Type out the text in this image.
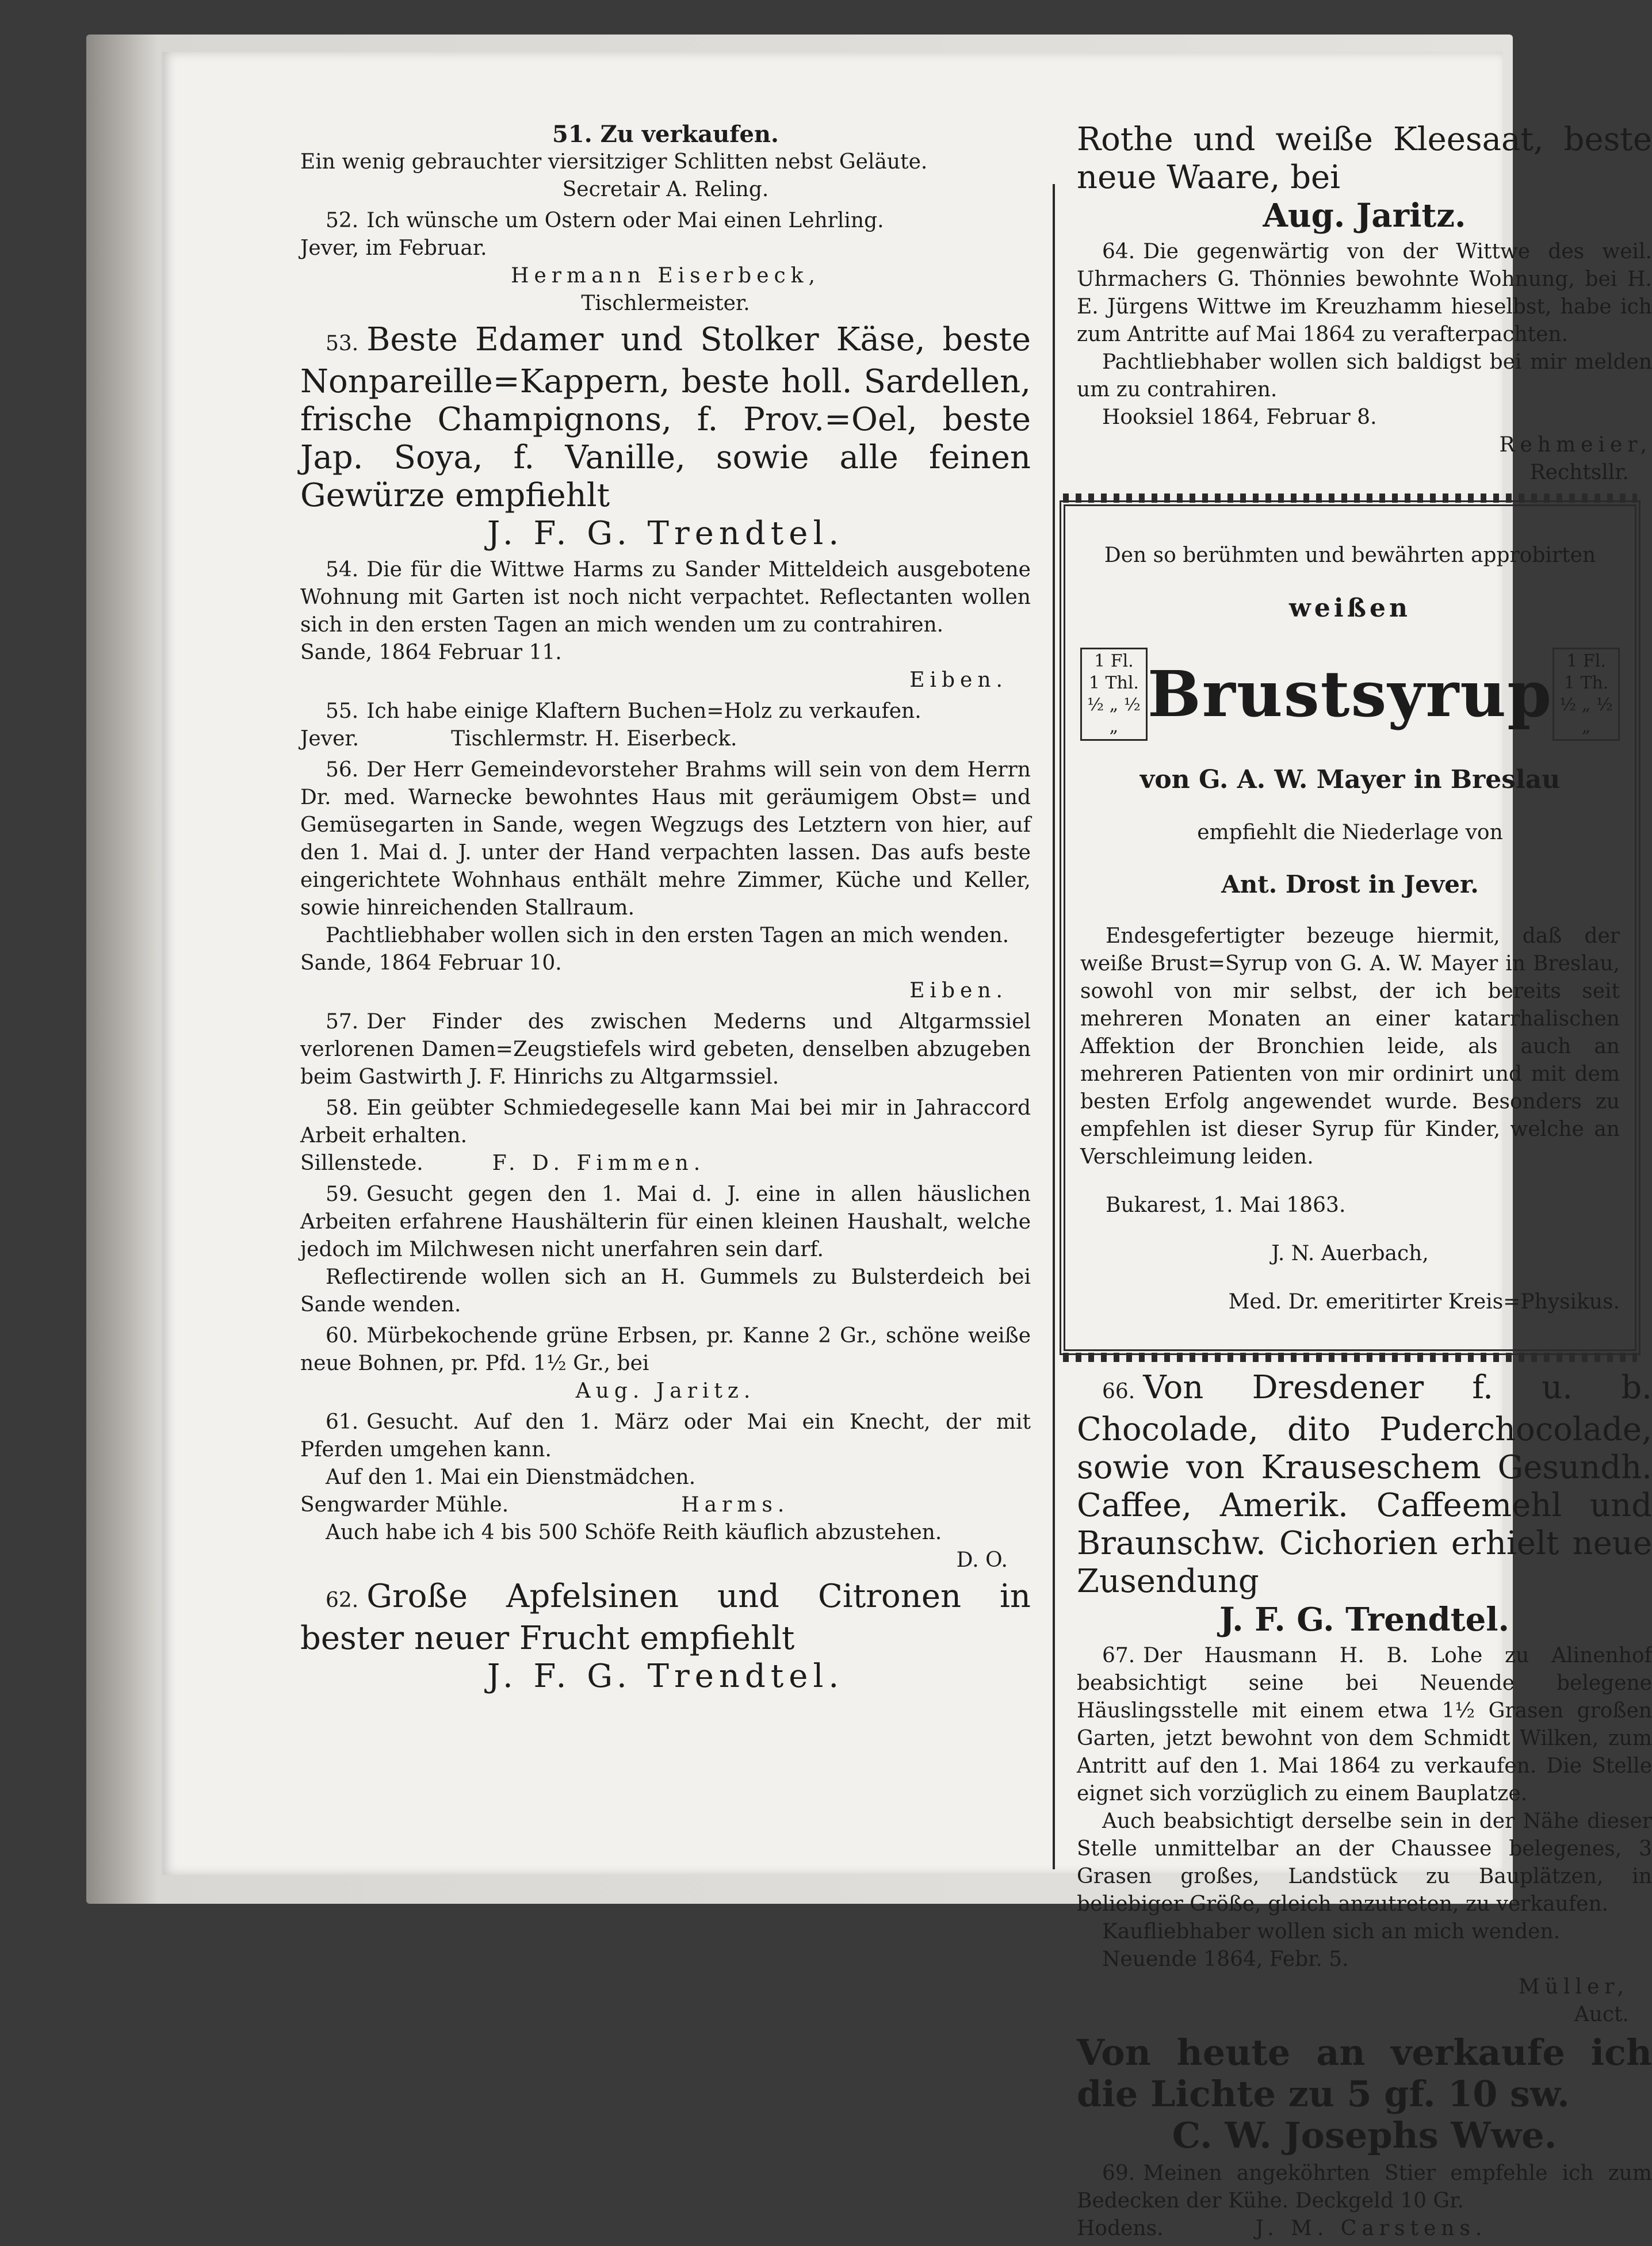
51. Zu verkaufen.

Ein wenig gebrauchter viersitziger Schlitten nebst Geläute.

Secretair A. Reling.

52. Ich wünsche um Ostern oder Mai einen Lehrling.

Jever, im Februar.

Hermann Eiserbeck,

Tischlermeister.

53. Beste Edamer und Stolker Käse, beste Nonpareille=Kappern, beste holl. Sardellen, frische Champignons, f. Prov.=Oel, beste Jap. Soya, f. Vanille, sowie alle feinen Gewürze empfiehlt

J. F. G. Trendtel.

54. Die für die Wittwe Harms zu Sander Mitteldeich ausgebotene Wohnung mit Garten ist noch nicht verpachtet. Reflectanten wollen sich in den ersten Tagen an mich wenden um zu contrahiren.

Sande, 1864 Februar 11.

Eiben.

55. Ich habe einige Klaftern Buchen=Holz zu verkaufen.

Jever.	Tischlermstr. H. Eiserbeck.

56. Der Herr Gemeindevorsteher Brahms will sein von dem Herrn Dr. med. Warnecke bewohntes Haus mit geräumigem Obst= und Gemüsegarten in Sande, wegen Wegzugs des Letztern von hier, auf den 1. Mai d. J. unter der Hand verpachten lassen. Das aufs beste eingerichtete Wohnhaus enthält mehre Zimmer, Küche und Keller, sowie hinreichenden Stallraum.

Pachtliebhaber wollen sich in den ersten Tagen an mich wenden.

Sande, 1864 Februar 10.

Eiben.

57. Der Finder des zwischen Mederns und Altgarmssiel verlorenen Damen=Zeugstiefels wird gebeten, denselben abzugeben beim Gastwirth J. F. Hinrichs zu Altgarmssiel.

58. Ein geübter Schmiedegeselle kann Mai bei mir in Jahraccord Arbeit erhalten.

Sillenstede.	F. D. Fimmen.

59. Gesucht gegen den 1. Mai d. J. eine in allen häuslichen Arbeiten erfahrene Haushälterin für einen kleinen Haushalt, welche jedoch im Milchwesen nicht unerfahren sein darf.

Reflectirende wollen sich an H. Gummels zu Bulsterdeich bei Sande wenden.

60. Mürbekochende grüne Erbsen, pr. Kanne 2 Gr., schöne weiße neue Bohnen, pr. Pfd. 1½ Gr., bei

Aug. Jaritz.

61. Gesucht. Auf den 1. März oder Mai ein Knecht, der mit Pferden umgehen kann.

Auf den 1. Mai ein Dienstmädchen.

Sengwarder Mühle.	Harms.

Auch habe ich 4 bis 500 Schöfe Reith käuflich abzustehen.

D. O.

62. Große Apfelsinen und Citronen in bester neuer Frucht empfiehlt

J. F. G. Trendtel.

Rothe und weiße Kleesaat, beste neue Waare, bei

Aug. Jaritz.

64. Die gegenwärtig von der Wittwe des weil. Uhrmachers G. Thönnies bewohnte Wohnung, bei H. E. Jürgens Wittwe im Kreuzhamm hieselbst, habe ich zum Antritte auf Mai 1864 zu verafterpachten.

Pachtliebhaber wollen sich baldigst bei mir melden um zu contrahiren.

Hooksiel 1864, Februar 8.

Rehmeier,

Rechtsllr.

Den so berühmten und bewährten approbirten

weißen

1 Fl. 1 Thl.
½ „ ½ „ Brustsyrup 1 Fl. 1 Th.
½ „ ½ „

von G. A. W. Mayer in Breslau

empfiehlt die Niederlage von

Ant. Drost in Jever.

Endesgefertigter bezeuge hiermit, daß der weiße Brust=Syrup von G. A. W. Mayer in Breslau, sowohl von mir selbst, der ich bereits seit mehreren Monaten an einer katarrhalischen Affektion der Bronchien leide, als auch an mehreren Patienten von mir ordinirt und mit dem besten Erfolg angewendet wurde. Besonders zu empfehlen ist dieser Syrup für Kinder, welche an Verschleimung leiden.

Bukarest, 1. Mai 1863.

J. N. Auerbach,

Med. Dr. emeritirter Kreis=Physikus.

66. Von Dresdener f. u. b. Chocolade, dito Puderchocolade, sowie von Krauseschem Gesundh. Caffee, Amerik. Caffeemehl und Braunschw. Cichorien erhielt neue Zusendung

J. F. G. Trendtel.

67. Der Hausmann H. B. Lohe zu Alinenhof beabsichtigt seine bei Neuende belegene Häuslingsstelle mit einem etwa 1½ Grasen großen Garten, jetzt bewohnt von dem Schmidt Wilken, zum Antritt auf den 1. Mai 1864 zu verkaufen. Die Stelle eignet sich vorzüglich zu einem Bauplatze.

Auch beabsichtigt derselbe sein in der Nähe dieser Stelle unmittelbar an der Chaussee belegenes, 3 Grasen großes, Landstück zu Bauplätzen, in beliebiger Größe, gleich anzutreten, zu verkaufen.

Kaufliebhaber wollen sich an mich wenden.

Neuende 1864, Febr. 5.

Müller,

Auct.

Von heute an verkaufe ich die Lichte zu 5 gf. 10 sw.

C. W. Josephs Wwe.

69. Meinen angeköhrten Stier empfehle ich zum Bedecken der Kühe. Deckgeld 10 Gr.

Hodens.	J. M. Carstens.
